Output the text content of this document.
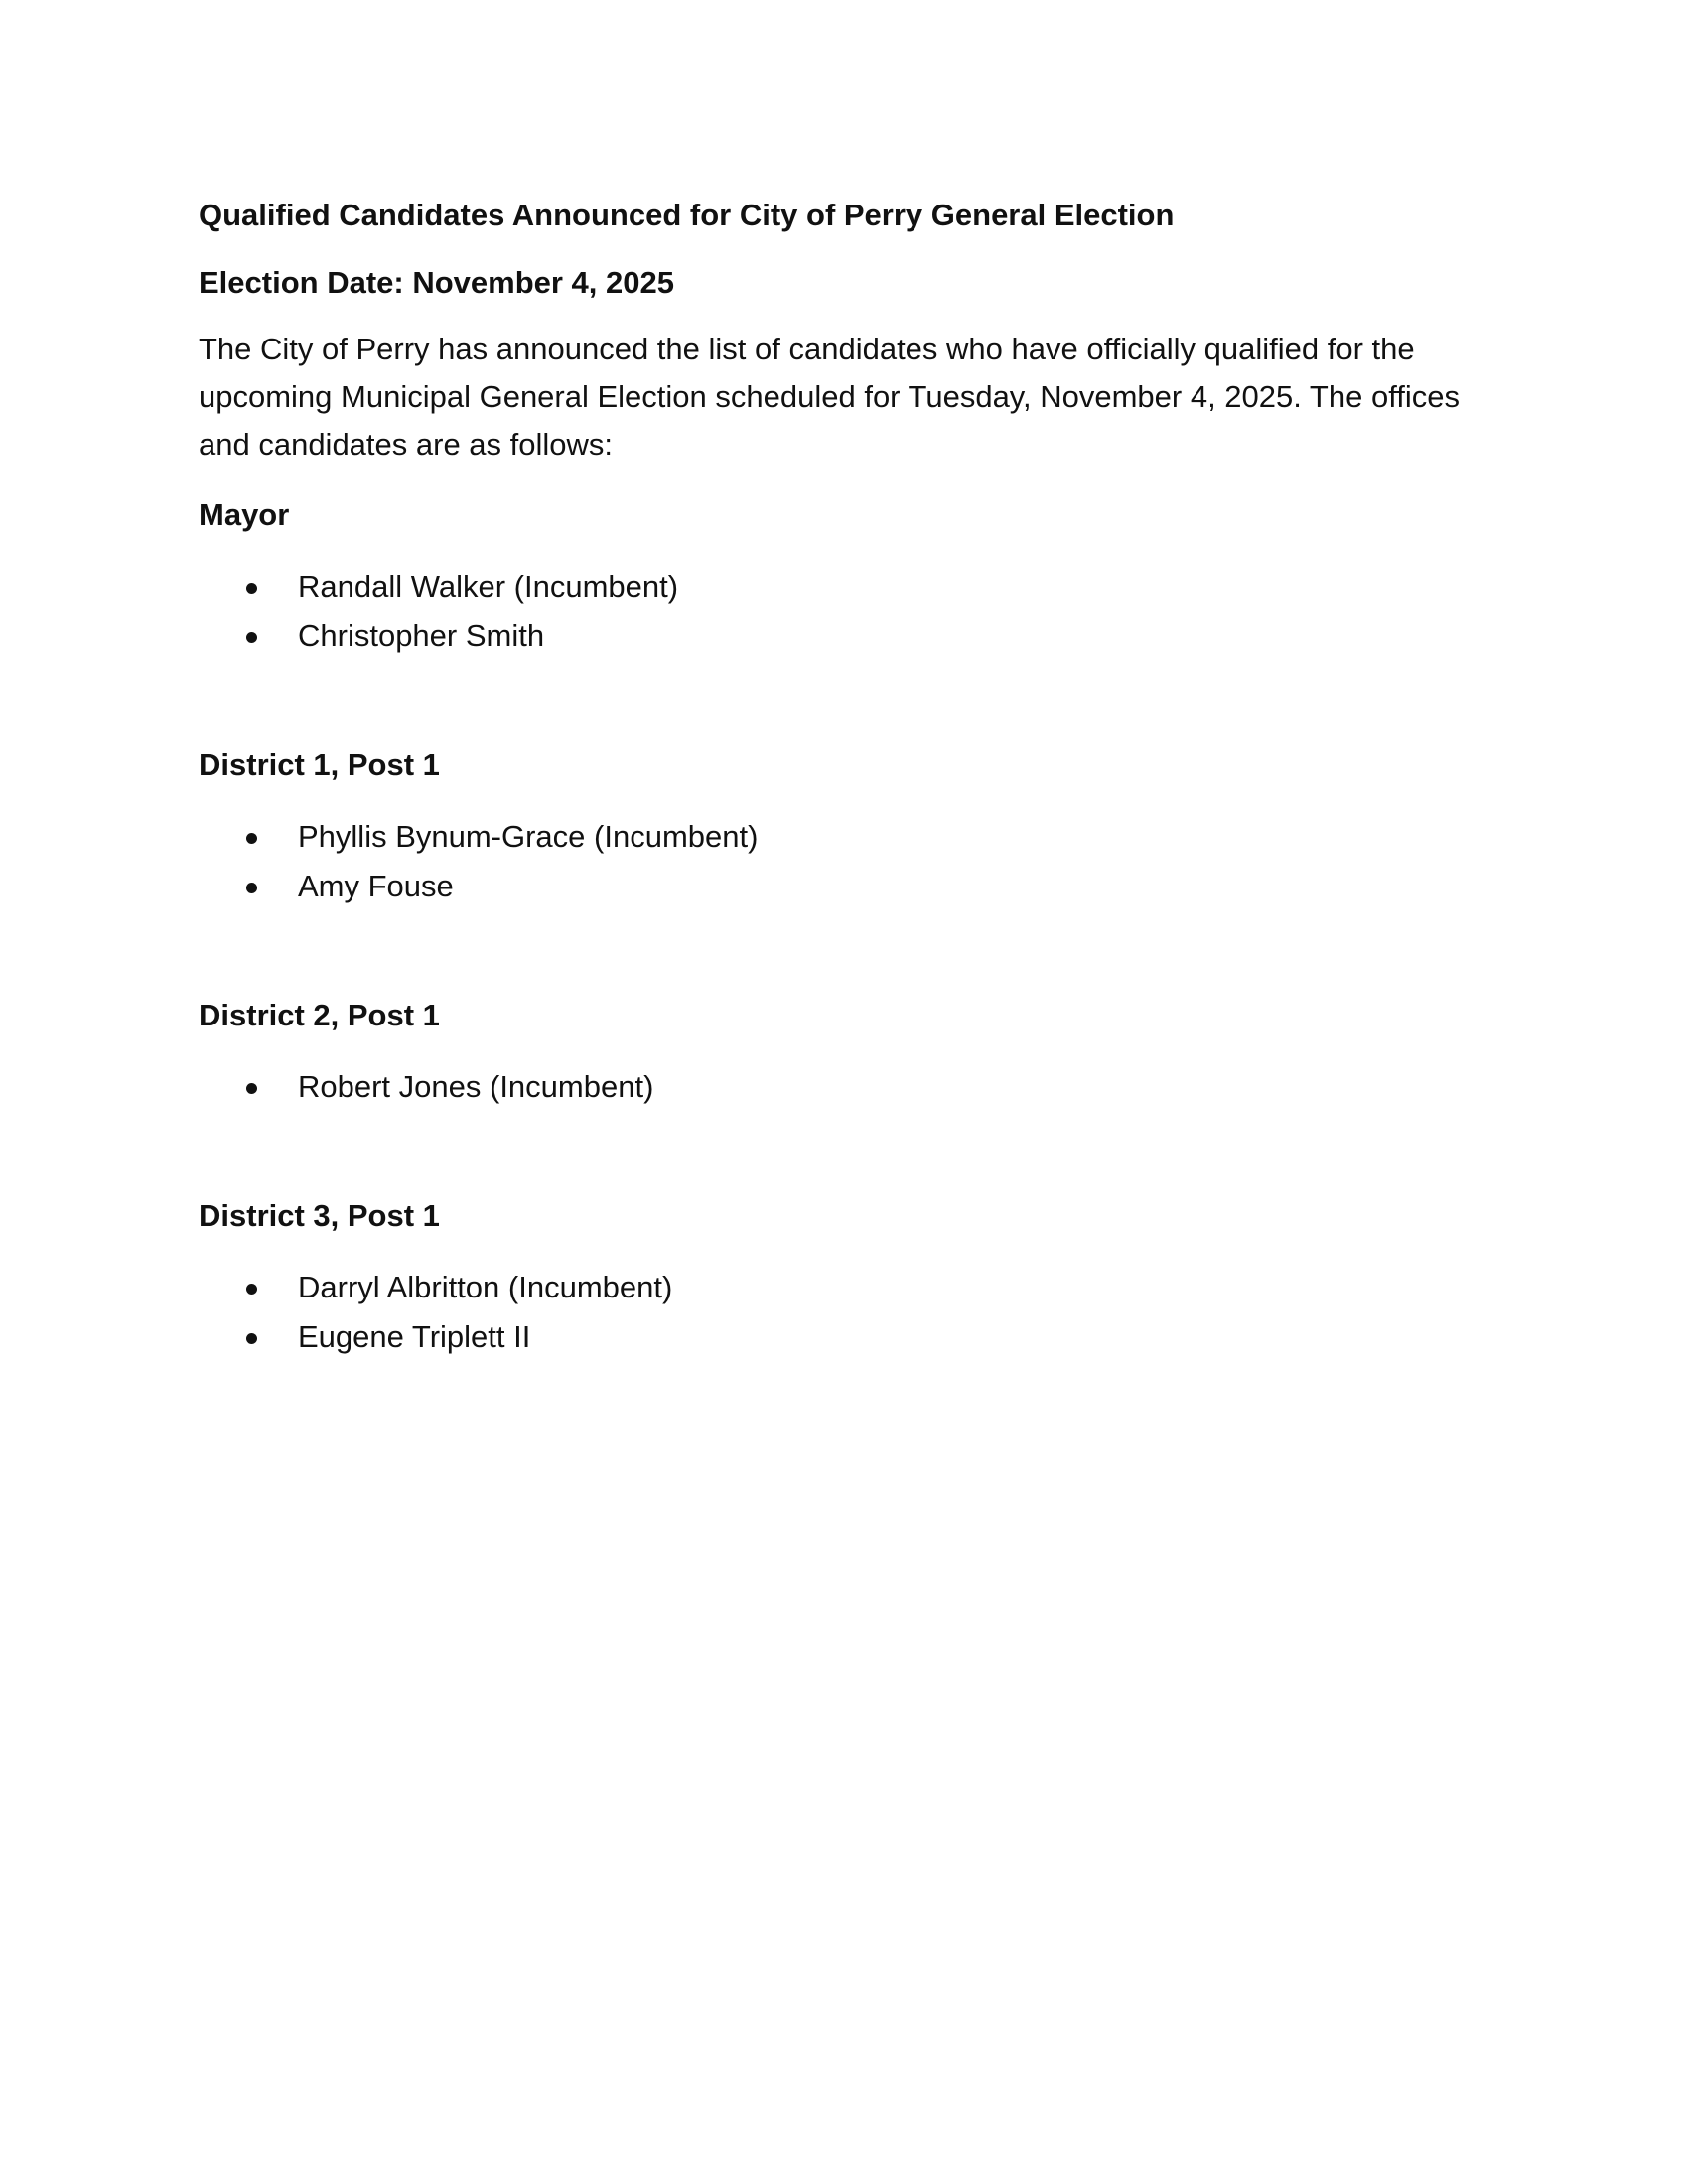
Qualified Candidates Announced for City of Perry General Election
Election Date: November 4, 2025

The City of Perry has announced the list of candidates who have officially qualified for the upcoming Municipal General Election scheduled for Tuesday, November 4, 2025. The offices and candidates are as follows:

Mayor
Randall Walker (Incumbent)
Christopher Smith
District 1, Post 1
Phyllis Bynum-Grace (Incumbent)
Amy Fouse
District 2, Post 1
Robert Jones (Incumbent)
District 3, Post 1
Darryl Albritton (Incumbent)
Eugene Triplett II
